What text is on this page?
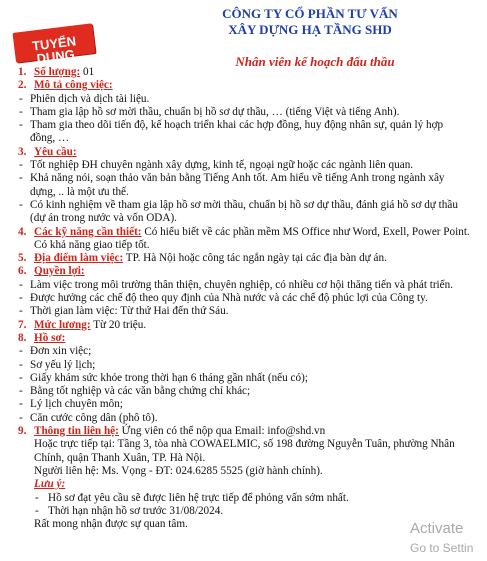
TUYỂN DỤNG
CÔNG TY CỔ PHẦN TƯ VẤN
XÂY DỰNG HẠ TẦNG SHD
Nhân viên kế hoạch đấu thầu
1. Số lượng: 01
2. Mô tả công việc:
- Phiên dịch và dịch tài liệu.
- Tham gia lập hồ sơ mời thầu, chuẩn bị hồ sơ dự thầu, … (tiếng Việt và tiếng Anh).
- Tham gia theo dõi tiến độ, kế hoạch triển khai các hợp đồng, huy động nhân sự, quản lý hợp đồng, …
3. Yêu cầu:
- Tốt nghiệp ĐH chuyên ngành xây dựng, kinh tế, ngoại ngữ hoặc các ngành liên quan.
- Khả năng nói, soạn thảo văn bản bằng Tiếng Anh tốt. Am hiểu về tiếng Anh trong ngành xây dựng, .. là một ưu thế.
- Có kinh nghiệm về tham gia lập hồ sơ mời thầu, chuẩn bị hồ sơ dự thầu, đánh giá hồ sơ dự thầu (dự án trong nước và vốn ODA).
4. Các kỹ năng cần thiết: Có hiểu biết về các phần mềm MS Office như Word, Exell, Power Point. Có khả năng giao tiếp tốt.
5. Địa điểm làm việc: TP. Hà Nội hoặc công tác ngắn ngày tại các địa bàn dự án.
6. Quyền lợi:
- Làm việc trong môi trường thân thiện, chuyên nghiệp, có nhiều cơ hội thăng tiến và phát triển.
- Được hưởng các chế độ theo quy định của Nhà nước và các chế độ phúc lợi của Công ty.
- Thời gian làm việc: Từ thứ Hai đến thứ Sáu.
7. Mức lương: Từ 20 triệu.
8. Hồ sơ:
- Đơn xin việc;
- Sơ yếu lý lịch;
- Giấy khám sức khỏe trong thời hạn 6 tháng gần nhất (nếu có);
- Bằng tốt nghiệp và các văn bằng chứng chỉ khác;
- Lý lịch chuyên môn;
- Căn cước công dân (phô tô).
9. Thông tin liên hệ: Ứng viên có thể nộp qua Email: info@shd.vn
Hoặc trực tiếp tại: Tầng 3, tòa nhà COWAELMIC, số 198 đường Nguyễn Tuân, phường Nhân Chính, quận Thanh Xuân, TP. Hà Nội.
Người liên hệ: Ms. Vọng - ĐT: 024.6285 5525 (giờ hành chính).
Lưu ý:
- Hồ sơ đạt yêu cầu sẽ được liên hệ trực tiếp để phỏng vấn sớm nhất.
- Thời hạn nhận hồ sơ trước 31/08/2024.
Rất mong nhận được sự quan tâm.	Activate
Go to Settin
